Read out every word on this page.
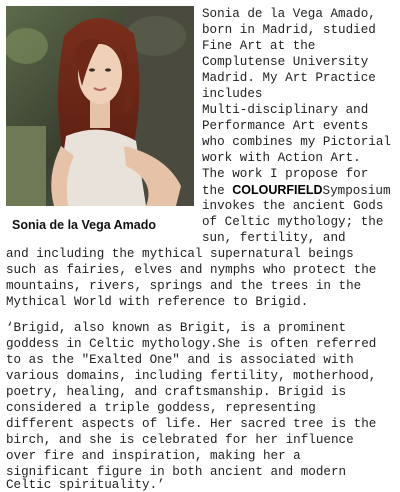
Sonia de la Vega Amado
Sonia de la Vega Amado,
born in Madrid, studied
Fine Art at the
Complutense University
Madrid. My Art Practice
includes
Multi-disciplinary and
Performance Art events
who combines my Pictorial
work with Action Art.
The work I propose for
the COLOURFIELDSymposium
invokes the ancient Gods
of Celtic mythology; the
sun, fertility, and
and including the mythical supernatural beings
such as fairies, elves and nymphs who protect the
mountains, rivers, springs and the trees in the
Mythical World with reference to Brigid.
‘Brigid, also known as Brigit, is a prominent
goddess in Celtic mythology.She is often referred
to as the "Exalted One" and is associated with
various domains, including fertility, motherhood,
poetry, healing, and craftsmanship. Brigid is
considered a triple goddess, representing
different aspects of life. Her sacred tree is the
birch, and she is celebrated for her influence
over fire and inspiration, making her a
significant figure in both ancient and modern
Celtic spirituality.’
